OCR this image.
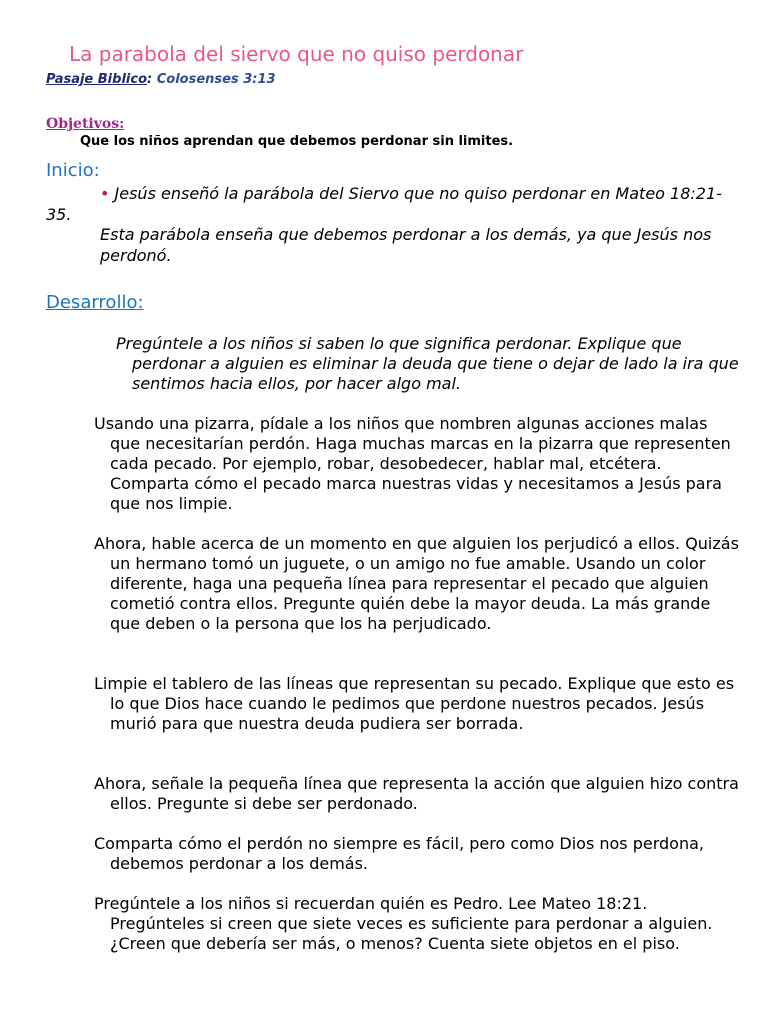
La parabola del siervo que no quiso perdonar
Pasaje Biblico: Colosenses 3:13
Objetivos:
Que los niños aprendan que debemos perdonar sin limites.
Inicio:
• Jesús enseñó la parábola del Siervo que no quiso perdonar en Mateo 18:21-35.
Esta parábola enseña que debemos perdonar a los demás, ya que Jesús nos perdonó.
Desarrollo:
Pregúntele a los niños si saben lo que significa perdonar. Explique que perdonar a alguien es eliminar la deuda que tiene o dejar de lado la ira que sentimos hacia ellos, por hacer algo mal.
Usando una pizarra, pídale a los niños que nombren algunas acciones malas que necesitarían perdón. Haga muchas marcas en la pizarra que representen cada pecado. Por ejemplo, robar, desobedecer, hablar mal, etcétera. Comparta cómo el pecado marca nuestras vidas y necesitamos a Jesús para que nos limpie.
Ahora, hable acerca de un momento en que alguien los perjudicó a ellos. Quizás un hermano tomó un juguete, o un amigo no fue amable. Usando un color diferente, haga una pequeña línea para representar el pecado que alguien cometió contra ellos. Pregunte quién debe la mayor deuda. La más grande que deben o la persona que los ha perjudicado.
Limpie el tablero de las líneas que representan su pecado. Explique que esto es lo que Dios hace cuando le pedimos que perdone nuestros pecados. Jesús murió para que nuestra deuda pudiera ser borrada.
Ahora, señale la pequeña línea que representa la acción que alguien hizo contra ellos. Pregunte si debe ser perdonado.
Comparta cómo el perdón no siempre es fácil, pero como Dios nos perdona, debemos perdonar a los demás.
Pregúntele a los niños si recuerdan quién es Pedro. Lee Mateo 18:21. Pregúnteles si creen que siete veces es suficiente para perdonar a alguien. ¿Creen que debería ser más, o menos? Cuenta siete objetos en el piso.
